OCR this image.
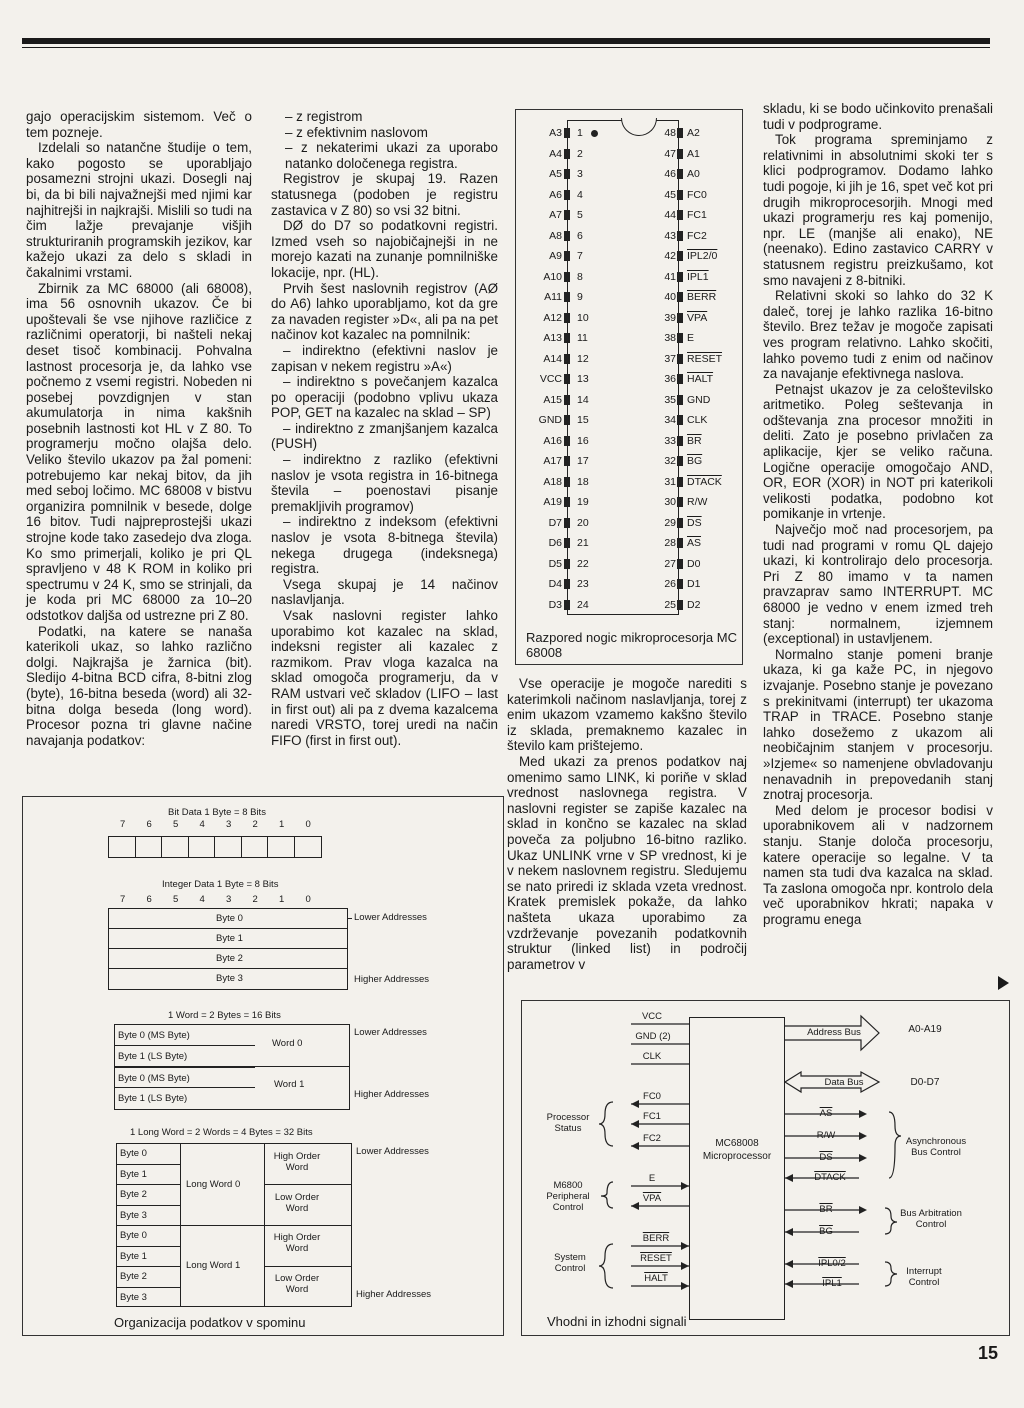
gajo operacijskim sistemom. Več o tem pozneje.

Izdelali so natančne študije o tem, kako pogosto se uporabljajo posamezni strojni ukazi. Dosegli naj bi, da bi bili najvažnejši med njimi kar najhitrejši in najkrajši. Mislili so tudi na čim lažje prevajanje višjih strukturiranih programskih jezikov, kar kažejo ukazi za delo s skladi in čakalnimi vrstami.

Zbirnik za MC 68000 (ali 68008), ima 56 osnovnih ukazov. Če bi upoštevali še vse njihove različice z različnimi operatorji, bi našteli nekaj deset tisoč kombinacij. Pohvalna lastnost procesorja je, da lahko vse počnemo z vsemi registri. Nobeden ni posebej povzdignjen v stan akumulatorja in nima kakšnih posebnih lastnosti kot HL v Z 80. To programerju močno olajša delo. Veliko število ukazov pa žal pomeni: potrebujemo kar nekaj bitov, da jih med seboj ločimo. MC 68008 v bistvu organizira pomnilnik v besede, dolge 16 bitov. Tudi najpreprostejši ukazi strojne kode tako zasedejo dva zloga. Ko smo primerjali, koliko je pri QL spravljeno v 48 K ROM in koliko pri spectrumu v 24 K, smo se strinjali, da je koda pri MC 68000 za 10–20 odstotkov daljša od ustrezne pri Z 80.

Podatki, na katere se nanaša katerikoli ukaz, so lahko različno dolgi. Najkrajša je žarnica (bit). Sledijo 4-bitna BCD cifra, 8-bitni zlog (byte), 16-bitna beseda (word) ali 32-bitna dolga beseda (long word). Procesor pozna tri glavne načine navajanja podatkov:

– z registrom
– z efektivnim naslovom
– z nekaterimi ukazi za uporabo natanko določenega registra.

Registrov je skupaj 19. Razen statusnega (podoben je registru zastavica v Z 80) so vsi 32 bitni.

DØ do D7 so podatkovni registri. Izmed vseh so najobičajnejši in ne morejo kazati na zunanje pomnilniške lokacije, npr. (HL).

Prvih šest naslovnih registrov (AØ do A6) lahko uporabljamo, kot da gre za navaden register »D«, ali pa na pet načinov kot kazalec na pomnilnik:

– indirektno (efektivni naslov je zapisan v nekem registru »A«)

– indirektno s povečanjem kazalca po operaciji (podobno vplivu ukaza POP, GET na kazalec na sklad – SP)

– indirektno z zmanjšanjem kazalca (PUSH)

– indirektno z razliko (efektivni naslov je vsota registra in 16-bitnega števila – poenostavi pisanje premakljivih programov)

– indirektno z indeksom (efektivni naslov je vsota 8-bitnega števila) nekega drugega (indeksnega) registra.

Vsega skupaj je 14 načinov naslavljanja.

Vsak naslovni register lahko uporabimo kot kazalec na sklad, indeksni register ali kazalec z razmikom. Prav vloga kazalca na sklad omogoča programerju, da v RAM ustvari več skladov (LIFO – last in first out) ali pa z dvema kazalcema naredi VRSTO, torej uredi na način FIFO (first in first out).

Vse operacije je mogoče narediti s katerimkoli načinom naslavljanja, torej z enim ukazom vzamemo kakšno število iz sklada, premaknemo kazalec in število kam prištejemo.

Med ukazi za prenos podatkov naj omenimo samo LINK, ki poriňe v sklad vrednost naslovnega registra. V naslovni register se zapiše kazalec na sklad in končno se kazalec na sklad poveča za poljubno 16-bitno razliko. Ukaz UNLINK vrne v SP vrednost, ki je v nekem naslovnem registru. Sledujemu se nato priredi iz sklada vzeta vrednost. Kratek premislek pokaže, da lahko našteta ukaza uporabimo za vzdrževanje povezanih podatkovnih struktur (linked list) in področij parametrov v

skladu, ki se bodo učinkovito prenašali tudi v podprograme.

Tok programa spreminjamo z relativnimi in absolutnimi skoki ter s klici podprogramov. Dodamo lahko tudi pogoje, ki jih je 16, spet več kot pri drugih mikroprocesorjih. Mnogi med ukazi programerju res kaj pomenijo, npr. LE (manjše ali enako), NE (neenako). Edino zastavico CARRY v statusnem registru preizkušamo, kot smo navajeni z 8-bitniki.

Relativni skoki so lahko do 32 K daleč, torej je lahko razlika 16-bitno število. Brez težav je mogoče zapisati ves program relativno. Lahko skočiti, lahko povemo tudi z enim od načinov za navajanje efektivnega naslova.

Petnajst ukazov je za celoštevilsko aritmetiko. Poleg seštevanja in odštevanja zna procesor množiti in deliti. Zato je posebno privlačen za aplikacije, kjer se veliko računa. Logične operacije omogočajo AND, OR, EOR (XOR) in NOT pri katerikoli velikosti podatka, podobno kot pomikanje in vrtenje.

Največjo moč nad procesorjem, pa tudi nad programi v romu QL dajejo ukazi, ki kontrolirajo delo procesorja. Pri Z 80 imamo v ta namen pravzaprav samo INTERRUPT. MC 68000 je vedno v enem izmed treh stanj: normalnem, izjemnem (exceptional) in ustavljenem.

Normalno stanje pomeni branje ukaza, ki ga kaže PC, in njegovo izvajanje. Posebno stanje je povezano s prekinitvami (interrupt) ter ukazoma TRAP in TRACE. Posebno stanje lahko dosežemo z ukazom ali neobičajnim stanjem v procesorju. »Izjeme« so namenjene obvladovanju nenavadnih in prepovedanih stanj znotraj procesorja.

Med delom je procesor bodisi v uporabnikovem ali v nadzornem stanju. Stanje določa procesorju, katere operacije so legalne. V ta namen sta tudi dva kazalca na sklad. Ta zaslona omogoča npr. kontrolo dela več uporabnikov hkrati; napaka v programu enega

A3 1
A4 2
A5 3
A6 4
A7 5
A8 6
A9 7
A10 8
A11 9
A12 10
A13 11
A14 12
VCC 13
A15 14
GND 15
A16 16
A17 17
A18 18
A19 19
D7 20
D6 21
D5 22
D4 23
D3 24
48 A2
47 A1
46 A0
45 FC0
44 FC1
43 FC2
42 IPL2/0
41 IPL1
40 BERR
39 $\overline{VPA}$
38 E
37 RESET
36 HALT
35 GND
34 CLK
33 $\overline{BR}$
32 $\overline{BG}$
31 DTACK
30 R/W
29 $\overline{DS}$
28 $\overline{AS}$
27 D0
26 D1
25 D2
Razpored nogic mikroprocesorja MC 68008
Bit Data 1 Byte = 8 Bits
7 6 5 4 3 2 1 0
Integer Data 1 Byte = 8 Bits
7 6 5 4 3 2 1 0
Byte 0
Byte 1
Byte 2
Byte 3
Lower Addresses
Higher Addresses
1 Word = 2 Bytes = 16 Bits
Byte 0 (MS Byte)
Byte 1 (LS Byte)
Byte 0 (MS Byte)
Byte 1 (LS Byte)
Word 0
Word 1
Lower Addresses
Higher Addresses
1 Long Word = 2 Words = 4 Bytes = 32 Bits
Byte 0
Byte 1
Byte 2
Byte 3
Byte 0
Byte 1
Byte 2
Byte 3
Long Word 0
Long Word 1
High Order Word
Low Order Word
High Order Word
Low Order Word
Lower Addresses
Higher Addresses
Organizacija podatkov v spominu
MC68008
Microprocessor
VCC
GND (2)
CLK
FC0
FC1
FC2
E
$\overline{VPA}$
BERR
RESET
HALT
Processor Status
M6800 Peripheral Control
System Control
Address Bus	A0-A19
Data Bus	D0-D7
$\overline{AS}$
R/W
$\overline{DS}$
DTACK
$\overline{BR}$
$\overline{BG}$
IPL0/2
IPL1
Asynchronous Bus Control
Bus Arbitration Control
Interrupt Control
Vhodni in izhodni signali
15
